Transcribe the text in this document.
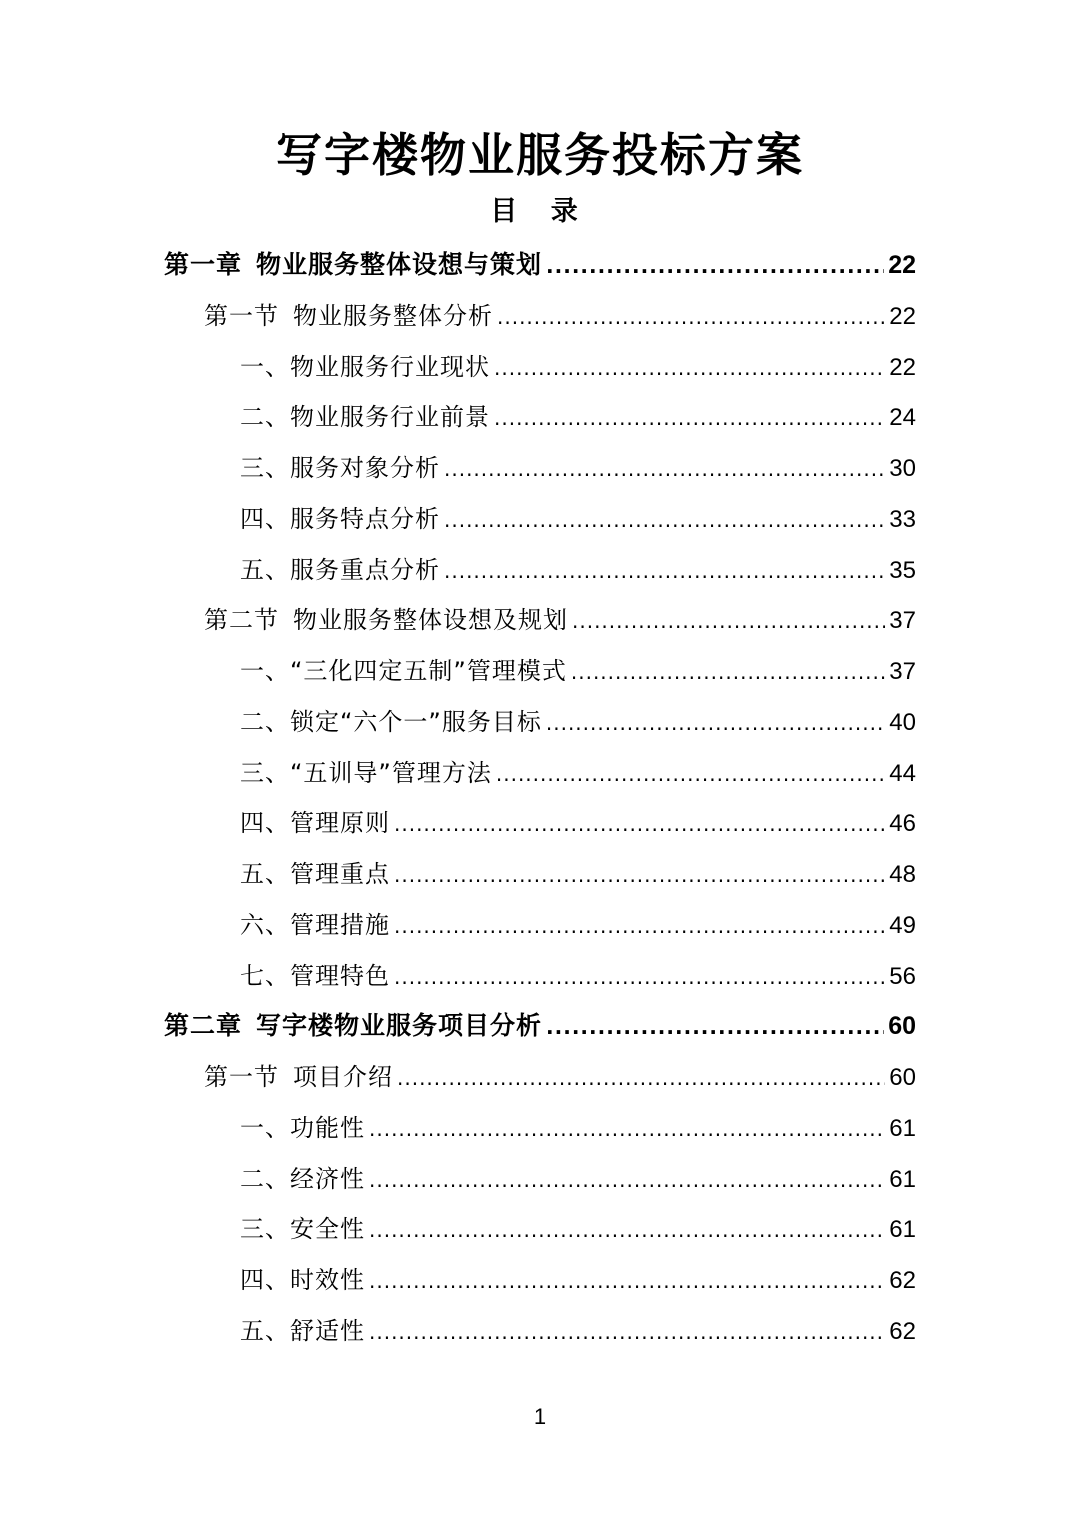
写字楼物业服务投标方案
目 录
第一章 物业服务整体设想与策划 .....	22
第一节 物业服务整体分析 .....	22
一、物业服务行业现状 .....	22
二、物业服务行业前景 .....	24
三、服务对象分析 .....	30
四、服务特点分析 .....	33
五、服务重点分析 .....	35
第二节 物业服务整体设想及规划 .....	37
一、“三化四定五制”管理模式 .....	37
二、锁定“六个一”服务目标 .....	40
三、“五训导”管理方法 .....	44
四、管理原则 .....	46
五、管理重点 .....	48
六、管理措施 .....	49
七、管理特色 .....	56
第二章 写字楼物业服务项目分析 .....	60
第一节 项目介绍 .....	60
一、功能性 .....	61
二、经济性 .....	61
三、安全性 .....	61
四、时效性 .....	62
五、舒适性 .....	62
1
